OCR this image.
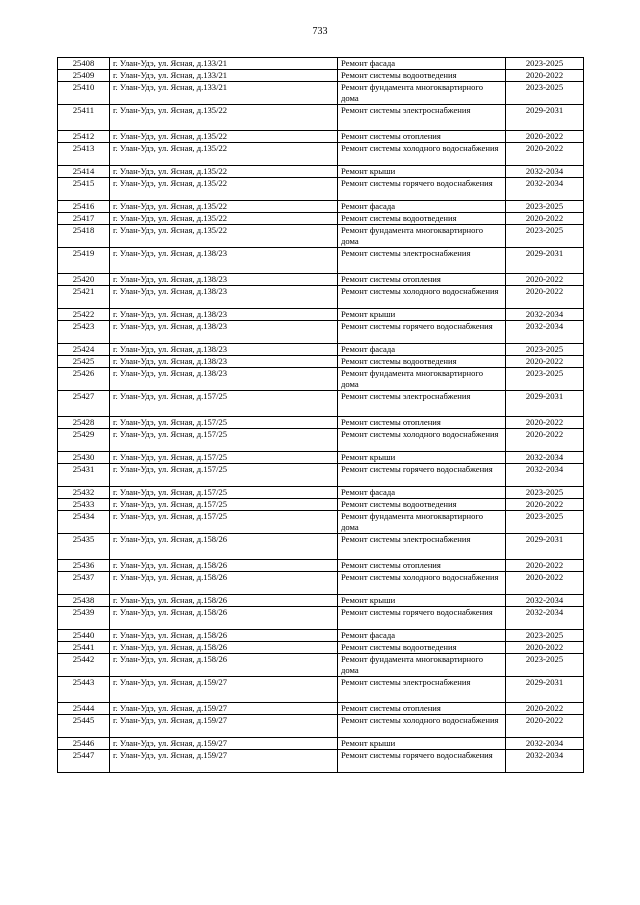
733
25408	г. Улан-Удэ, ул. Ясная, д.133/21	Ремонт фасада	2023-2025
25409	г. Улан-Удэ, ул. Ясная, д.133/21	Ремонт системы водоотведения	2020-2022
25410	г. Улан-Удэ, ул. Ясная, д.133/21	Ремонт фундамента многоквартирного дома	2023-2025
25411	г. Улан-Удэ, ул. Ясная, д.135/22	Ремонт системы электроснабжения	2029-2031
25412	г. Улан-Удэ, ул. Ясная, д.135/22	Ремонт системы отопления	2020-2022
25413	г. Улан-Удэ, ул. Ясная, д.135/22	Ремонт системы холодного водоснабжения	2020-2022
25414	г. Улан-Удэ, ул. Ясная, д.135/22	Ремонт крыши	2032-2034
25415	г. Улан-Удэ, ул. Ясная, д.135/22	Ремонт системы горячего водоснабжения	2032-2034
25416	г. Улан-Удэ, ул. Ясная, д.135/22	Ремонт фасада	2023-2025
25417	г. Улан-Удэ, ул. Ясная, д.135/22	Ремонт системы водоотведения	2020-2022
25418	г. Улан-Удэ, ул. Ясная, д.135/22	Ремонт фундамента многоквартирного дома	2023-2025
25419	г. Улан-Удэ, ул. Ясная, д.138/23	Ремонт системы электроснабжения	2029-2031
25420	г. Улан-Удэ, ул. Ясная, д.138/23	Ремонт системы отопления	2020-2022
25421	г. Улан-Удэ, ул. Ясная, д.138/23	Ремонт системы холодного водоснабжения	2020-2022
25422	г. Улан-Удэ, ул. Ясная, д.138/23	Ремонт крыши	2032-2034
25423	г. Улан-Удэ, ул. Ясная, д.138/23	Ремонт системы горячего водоснабжения	2032-2034
25424	г. Улан-Удэ, ул. Ясная, д.138/23	Ремонт фасада	2023-2025
25425	г. Улан-Удэ, ул. Ясная, д.138/23	Ремонт системы водоотведения	2020-2022
25426	г. Улан-Удэ, ул. Ясная, д.138/23	Ремонт фундамента многоквартирного дома	2023-2025
25427	г. Улан-Удэ, ул. Ясная, д.157/25	Ремонт системы электроснабжения	2029-2031
25428	г. Улан-Удэ, ул. Ясная, д.157/25	Ремонт системы отопления	2020-2022
25429	г. Улан-Удэ, ул. Ясная, д.157/25	Ремонт системы холодного водоснабжения	2020-2022
25430	г. Улан-Удэ, ул. Ясная, д.157/25	Ремонт крыши	2032-2034
25431	г. Улан-Удэ, ул. Ясная, д.157/25	Ремонт системы горячего водоснабжения	2032-2034
25432	г. Улан-Удэ, ул. Ясная, д.157/25	Ремонт фасада	2023-2025
25433	г. Улан-Удэ, ул. Ясная, д.157/25	Ремонт системы водоотведения	2020-2022
25434	г. Улан-Удэ, ул. Ясная, д.157/25	Ремонт фундамента многоквартирного дома	2023-2025
25435	г. Улан-Удэ, ул. Ясная, д.158/26	Ремонт системы электроснабжения	2029-2031
25436	г. Улан-Удэ, ул. Ясная, д.158/26	Ремонт системы отопления	2020-2022
25437	г. Улан-Удэ, ул. Ясная, д.158/26	Ремонт системы холодного водоснабжения	2020-2022
25438	г. Улан-Удэ, ул. Ясная, д.158/26	Ремонт крыши	2032-2034
25439	г. Улан-Удэ, ул. Ясная, д.158/26	Ремонт системы горячего водоснабжения	2032-2034
25440	г. Улан-Удэ, ул. Ясная, д.158/26	Ремонт фасада	2023-2025
25441	г. Улан-Удэ, ул. Ясная, д.158/26	Ремонт системы водоотведения	2020-2022
25442	г. Улан-Удэ, ул. Ясная, д.158/26	Ремонт фундамента многоквартирного дома	2023-2025
25443	г. Улан-Удэ, ул. Ясная, д.159/27	Ремонт системы электроснабжения	2029-2031
25444	г. Улан-Удэ, ул. Ясная, д.159/27	Ремонт системы отопления	2020-2022
25445	г. Улан-Удэ, ул. Ясная, д.159/27	Ремонт системы холодного водоснабжения	2020-2022
25446	г. Улан-Удэ, ул. Ясная, д.159/27	Ремонт крыши	2032-2034
25447	г. Улан-Удэ, ул. Ясная, д.159/27	Ремонт системы горячего водоснабжения	2032-2034
